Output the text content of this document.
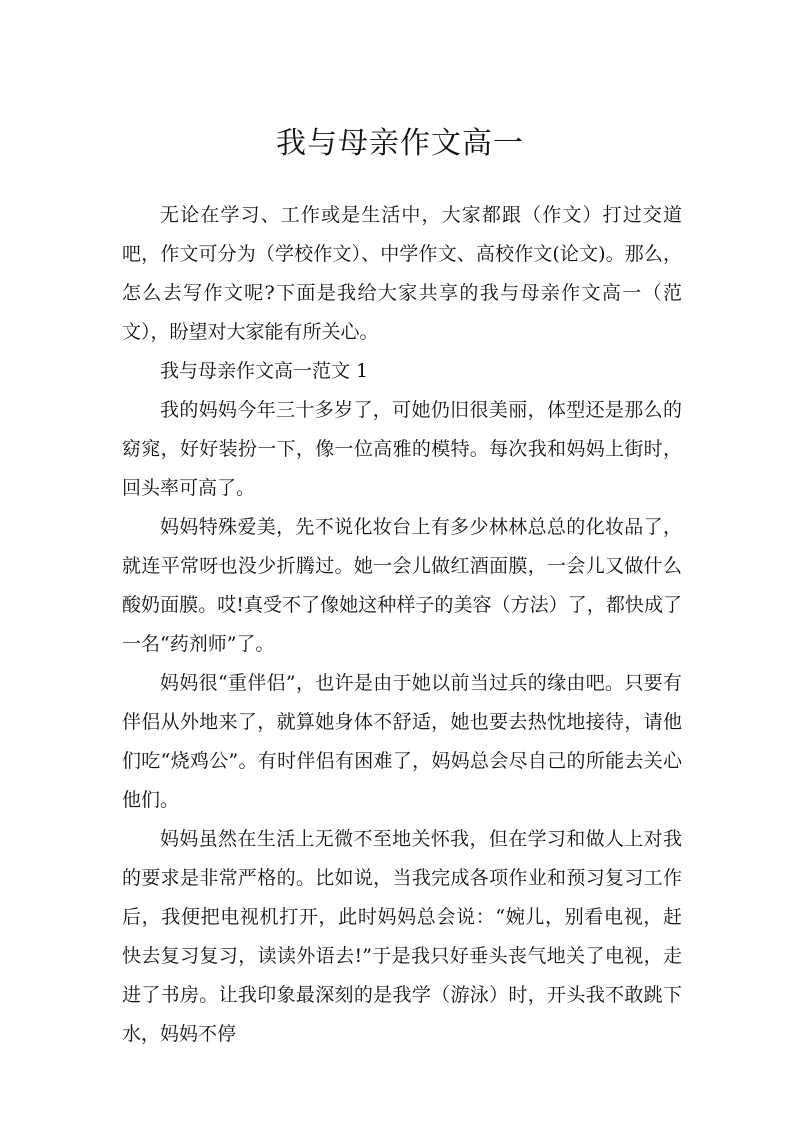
我与母亲作文高一

无论在学习、工作或是生活中，大家都跟（作文）打过交道吧，作文可分为（学校作文）、中学作文、高校作文(论文)。那么，怎么去写作文呢?下面是我给大家共享的我与母亲作文高一（范文），盼望对大家能有所关心。

我与母亲作文高一范文 1

我的妈妈今年三十多岁了，可她仍旧很美丽，体型还是那么的窈窕，好好装扮一下，像一位高雅的模特。每次我和妈妈上街时，回头率可高了。

妈妈特殊爱美，先不说化妆台上有多少林林总总的化妆品了，就连平常呀也没少折腾过。她一会儿做红酒面膜，一会儿又做什么酸奶面膜。哎!真受不了像她这种样子的美容（方法）了，都快成了一名“药剂师”了。

妈妈很“重伴侣”，也许是由于她以前当过兵的缘由吧。只要有伴侣从外地来了，就算她身体不舒适，她也要去热忱地接待，请他们吃“烧鸡公”。有时伴侣有困难了，妈妈总会尽自己的所能去关心他们。

妈妈虽然在生活上无微不至地关怀我，但在学习和做人上对我的要求是非常严格的。比如说，当我完成各项作业和预习复习工作后，我便把电视机打开，此时妈妈总会说：“婉儿，别看电视，赶快去复习复习，读读外语去!”于是我只好垂头丧气地关了电视，走进了书房。让我印象最深刻的是我学（游泳）时，开头我不敢跳下水，妈妈不停
